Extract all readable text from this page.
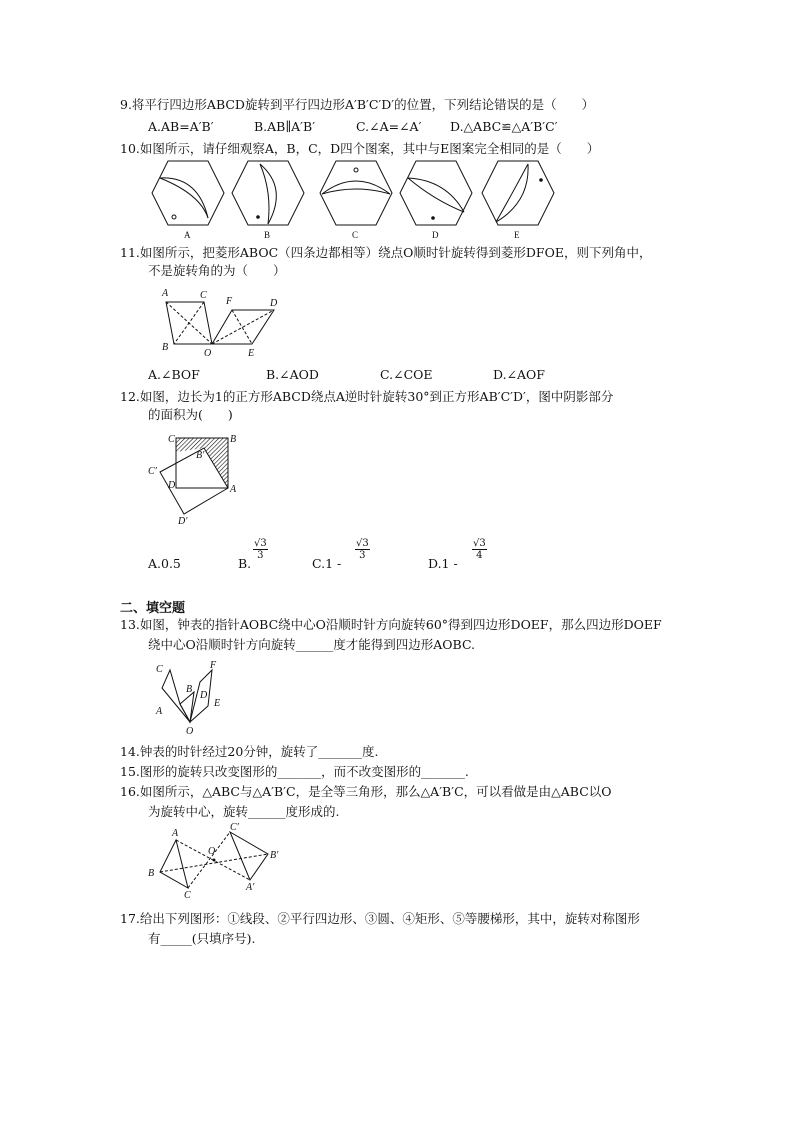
9.将平行四边形ABCD旋转到平行四边形A′B′C′D′的位置，下列结论错误的是（　　）
A.AB=A′B′	B.AB∥A′B′	C.∠A=∠A′ D.△ABC≌△A′B′C′
10.如图所示，请仔细观察A，B，C，D四个图案，其中与E图案完全相同的是（　　）
A	B	C	D	E
11.如图所示，把菱形ABOC（四条边都相等）绕点O顺时针旋转得到菱形DFOE，则下列角中，
不是旋转角的为（　　）
A	C
F	D
B
O	E
A.∠BOF	B.∠AOD	C.∠COE	D.∠AOF
12.如图，边长为1的正方形ABCD绕点A逆时针旋转30°到正方形AB′C′D′，图中阴影部分
的面积为(　　)
C	B
B′
C′
D	A
D′
A.0.5	B.
$\frac{√3}{3}$
C.1 -
$\frac{√3}{3}$
D.1 -
$\frac{√3}{4}$
二、填空题
13.如图，钟表的指针AOBC绕中心O沿顺时针方向旋转60°得到四边形DOEF，那么四边形DOEF
绕中心O沿顺时针方向旋转______度才能得到四边形AOBC.
C	F
B
D
E
A
O
14.钟表的时针经过20分钟，旋转了_______度.
15.图形的旋转只改变图形的_______，而不改变图形的_______.
16.如图所示，△ABC与△A′B′C，是全等三角形，那么△A′B′C，可以看做是由△ABC以O
为旋转中心，旋转______度形成的.
C′
A
O	B′
B
A′
C
17.给出下列图形：①线段、②平行四边形、③圆、④矩形、⑤等腰梯形，其中，旋转对称图形
有_____(只填序号).
